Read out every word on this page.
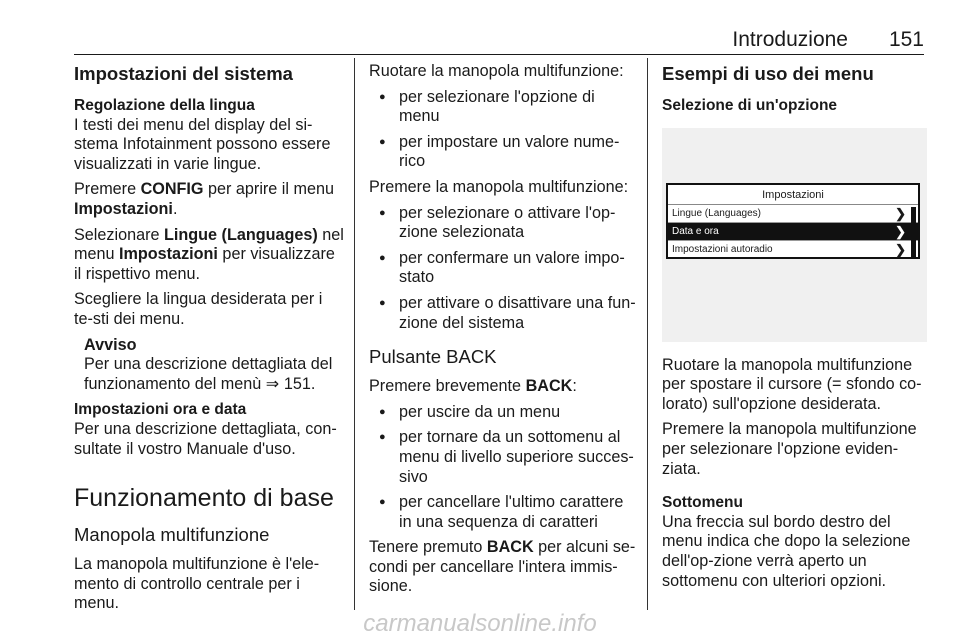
Introduzione 151
Impostazioni del sistema
Regolazione della lingua

I testi dei menu del display del si-stema Infotainment possono essere visualizzati in varie lingue.

Premere CONFIG per aprire il menu Impostazioni.

Selezionare Lingue (Languages) nel menu Impostazioni per visualizzare il rispettivo menu.

Scegliere la lingua desiderata per i te-sti dei menu.

Avviso
Per una descrizione dettagliata del funzionamento del menù ⇒ 151.
Impostazioni ora e data

Per una descrizione dettagliata, con-sultate il vostro Manuale d'uso.

Funzionamento di base
Manopola multifunzione

La manopola multifunzione è l'ele-mento di controllo centrale per i menu.

Ruotare la manopola multifunzione:

● per selezionare l'opzione di menu
● per impostare un valore nume-rico

Premere la manopola multifunzione:

● per selezionare o attivare l'op-zione selezionata
● per confermare un valore impo-stato
● per attivare o disattivare una fun-zione del sistema
Pulsante BACK

Premere brevemente BACK:

● per uscire da un menu
● per tornare da un sottomenu al menu di livello superiore succes-sivo
● per cancellare l'ultimo carattere in una sequenza di caratteri

Tenere premuto BACK per alcuni se-condi per cancellare l'intera immis-sione.

Esempi di uso dei menu
Selezione di un'opzione
Impostazioni
Lingue (Languages)	❯
Data e ora	❯
Impostazioni autoradio	❯

Ruotare la manopola multifunzione per spostare il cursore (= sfondo co-lorato) sull'opzione desiderata.

Premere la manopola multifunzione per selezionare l'opzione eviden-ziata.

Sottomenu

Una freccia sul bordo destro del menu indica che dopo la selezione dell'op-zione verrà aperto un sottomenu con ulteriori opzioni.

carmanualsonline.info
